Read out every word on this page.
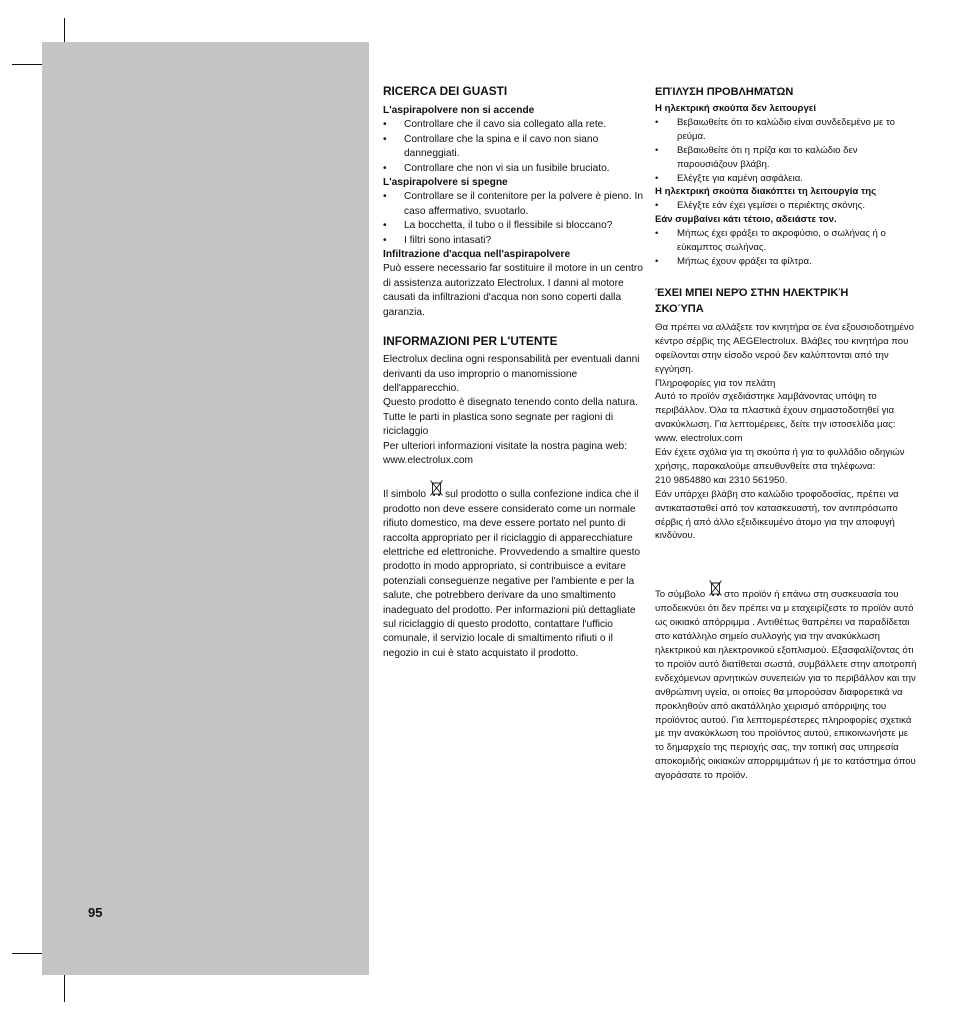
95
RICERCA DEI GUASTI
L'aspirapolvere non si accende
• Controllare che il cavo sia collegato alla rete.
• Controllare che la spina e il cavo non siano danneggiati.
• Controllare che non vi sia un fusibile bruciato.
L'aspirapolvere si spegne
• Controllare se il contenitore per la polvere è pieno. In caso affermativo, svuotarlo.
• La bocchetta, il tubo o il flessibile si bloccano?
• I filtri sono intasati?
Infiltrazione d'acqua nell'aspirapolvere

Può essere necessario far sostituire il motore in un centro di assistenza autorizzato Electrolux. I danni al motore causati da infiltrazioni d'acqua non sono coperti dalla garanzia.

INFORMAZIONI PER L'UTENTE

Electrolux declina ogni responsabilità per eventuali danni derivanti da uso improprio o manomissione dell'apparecchio.

Questo prodotto è disegnato tenendo conto della natura.

Tutte le parti in plastica sono segnate per ragioni di riciclaggio

Per ulteriori informazioni visitate la nostra pagina web: www.electrolux.com

Il simbolo sul prodotto o sulla confezione indica che il prodotto non deve essere considerato come un normale rifiuto domestico, ma deve essere portato nel punto di raccolta appropriato per il riciclaggio di apparecchiature elettriche ed elettroniche. Provvedendo a smaltire questo prodotto in modo appropriato, si contribuisce a evitare potenziali conseguenze negative per l'ambiente e per la salute, che potrebbero derivare da uno smaltimento inadeguato del prodotto. Per informazioni più dettagliate sul riciclaggio di questo prodotto, contattare l'ufficio comunale, il servizio locale di smaltimento rifiuti o il negozio in cui è stato acquistato il prodotto.

ΕΠΊΛΥΣΗ ΠΡΟΒΛΗΜΆΤΩΝ
Η ηλεκτρική σκούπα δεν λειτουργεί
• Βεβαιωθείτε ότι το καλώδιο είναι συνδεδεμένο με το ρεύμα.
• Βεβαιωθείτε ότι η πρίζα και το καλώδιο δεν παρουσιάζουν βλάβη.
• Ελέγξτε για καμένη ασφάλεια.
Η ηλεκτρική σκούπα διακόπτει τη λειτουργία της
• Ελέγξτε εάν έχει γεμίσει ο περιέκτης σκόνης.
Εάν συμβαίνει κάτι τέτοιο, αδειάστε τον.
• Μήπως έχει φράξει το ακροφύσιο, ο σωλήνας ή ο εύκαμπτος σωλήνας.
• Μήπως έχουν φράξει τα φίλτρα.
ΈΧΕΙ ΜΠΕΙ ΝΕΡΌ ΣΤΗΝ ΗΛΕΚΤΡΙΚΉ
ΣΚΟΎΠΑ

Θα πρέπει να αλλάξετε τον κινητήρα σε ένα εξουσιοδοτημένο κέντρο σέρβις της AEGElectrolux. Βλάβες του κινητήρα που οφείλονται στην είσοδο νερού δεν καλύπτονται από την εγγύηση.

Πληροφορίες για τον πελάτη

Αυτό το προϊόν σχεδιάστηκε λαμβάνοντας υπόψη το περιβάλλον. Όλα τα πλαστικά έχουν σημαστοδοτηθεί για ανακύκλωση. Για λεπτομέρειες, δείτε την ιστοσελίδα μας:

www. electrolux.com

Εάν έχετε σχόλια για τη σκούπα ή για το φυλλάδιο οδηγιών χρήσης, παρακαλούμε απευθυνθείτε στα τηλέφωνα:

210 9854880 και 2310 561950.

Εάν υπάρχει βλάβη στο καλώδιο τροφοδοσίας, πρέπει να αντικατασταθεί από τον κατασκευαστή, τον αντιπρόσωπο σέρβις ή από άλλο εξειδικευμένο άτομο για την αποφυγή κινδύνου.

Το σύμβολο στο προϊόν ή επάνω στη συσκευασία του υποδεικνύει ότι δεν πρέπει να μ εταχειρίζεστε το προϊόν αυτό ως οικιακό απόρριμμα . Αντιθέτως θαπρέπει να παραδίδεται στο κατάλληλο σημείο συλλογής για την ανακύκλωση ηλεκτρικού και ηλεκτρονικού εξοπλισμού. Εξασφαλίζοντας ότι το προϊόν αυτό διατίθεται σωστά, συμβάλλετε στην αποτροπή ενδεχόμενων αρνητικών συνεπειών για το περιβάλλον και την ανθρώπινη υγεία, οι οποίες θα μπορούσαν διαφορετικά να προκληθούν από ακατάλληλο χειρισμό απόρριψης του προϊόντος αυτού. Για λεπτομερέστερες πληροφορίες σχετικά με την ανακύκλωση του προϊόντος αυτού, επικοινωνήστε με το δημαρχείο της περιοχής σας, την τοπική σας υπηρεσία αποκομιδής οικιακών απορριμμάτων ή με το κατάστημα όπου αγοράσατε το προϊόν.
